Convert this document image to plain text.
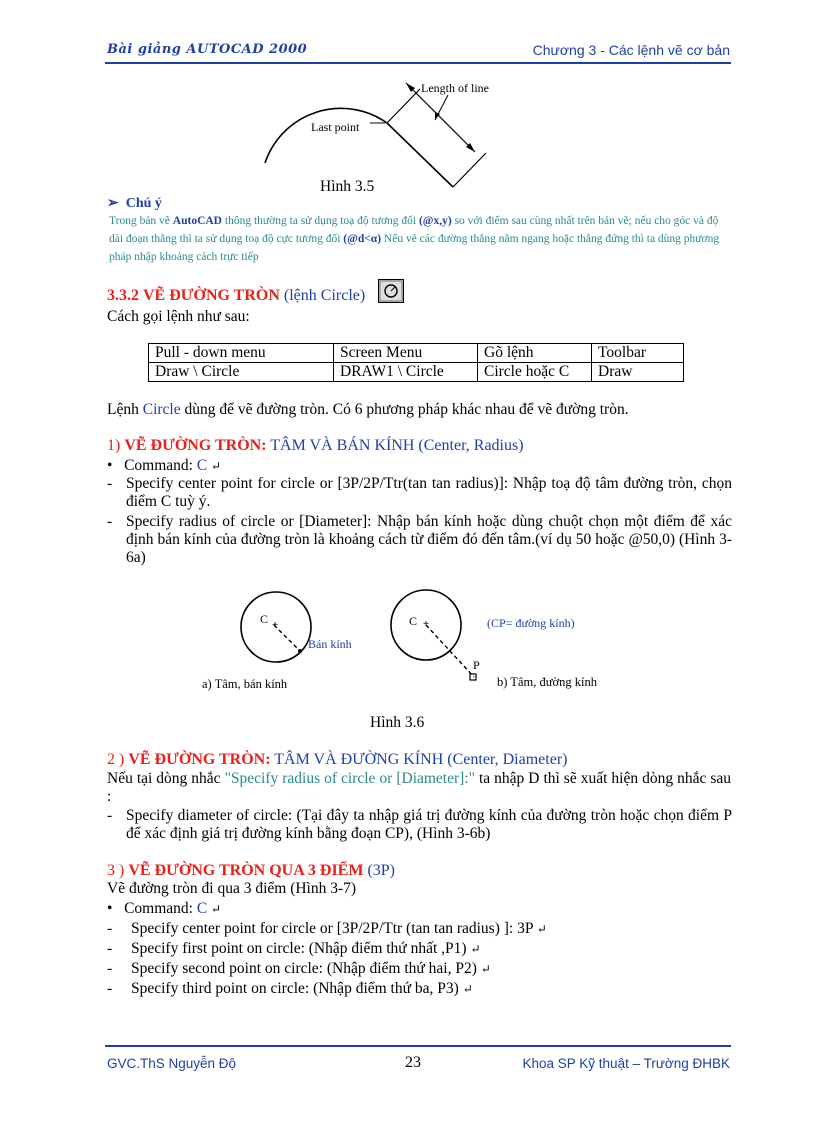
Bài giảng AUTOCAD 2000	Chương 3 - Các lệnh vẽ cơ bản
Length of line
Last point
Hình 3.5
➢ Chú ý
Trong bản vẽ AutoCAD thông thường ta sử dụng toạ độ tương đối (@x,y) so với điểm sau cùng nhất trên bản vẽ; nếu cho góc và độ dài đoạn thẳng thì ta sử dụng toạ độ cực tương đối (@d<α) Nếu vẽ các đường thẳng nằm ngang hoặc thẳng đứng thì ta dùng phương pháp nhập khoảng cách trực tiếp
3.3.2 VẼ ĐƯỜNG TRÒN (lệnh Circle)
Cách gọi lệnh như sau:
Pull - down menu	Screen Menu	Gõ lệnh	Toolbar
Draw \ Circle	DRAW1 \ Circle	Circle hoặc C	Draw
Lệnh Circle dùng để vẽ đường tròn. Có 6 phương pháp khác nhau để vẽ đường tròn.
1) VẼ ĐƯỜNG TRÒN: TÂM VÀ BÁN KÍNH (Center, Radius)
• Command: C ↵
- Specify center point for circle or [3P/2P/Ttr(tan tan radius)]: Nhập toạ độ tâm đường tròn, chọn điểm C tuỳ ý.
- Specify radius of circle or [Diameter]: Nhập bán kính hoặc dùng chuột chọn một điểm để xác định bán kính của đường tròn là khoảng cách từ điểm đó đến tâm.(ví dụ 50 hoặc @50,0) (Hình 3-6a)
+
C
Bán kính
a) Tâm, bán kính
+
C	(CP= đường kính)
P
b) Tâm, đường kính
Hình 3.6
2 ) VẼ ĐƯỜNG TRÒN: TÂM VÀ ĐƯỜNG KÍNH (Center, Diameter)
Nếu tại dòng nhắc "Specify radius of circle or [Diameter]:" ta nhập D thì sẽ xuất hiện dòng nhắc sau :
- Specify diameter of circle: (Tại đây ta nhập giá trị đường kính của đường tròn hoặc chọn điểm P để xác định giá trị đường kính bằng đoạn CP), (Hình 3-6b)
3 ) VẼ ĐƯỜNG TRÒN QUA 3 ĐIỂM (3P)
Vẽ đường tròn đi qua 3 điểm (Hình 3-7)
• Command: C ↵
- Specify center point for circle or [3P/2P/Ttr (tan tan radius) ]: 3P ↵
- Specify first point on circle: (Nhập điểm thứ nhất ,P1) ↵
- Specify second point on circle: (Nhập điểm thứ hai, P2) ↵
- Specify third point on circle: (Nhập điểm thứ ba, P3) ↵
GVC.ThS Nguyễn Độ	23	Khoa SP Kỹ thuật – Trường ĐHBK
